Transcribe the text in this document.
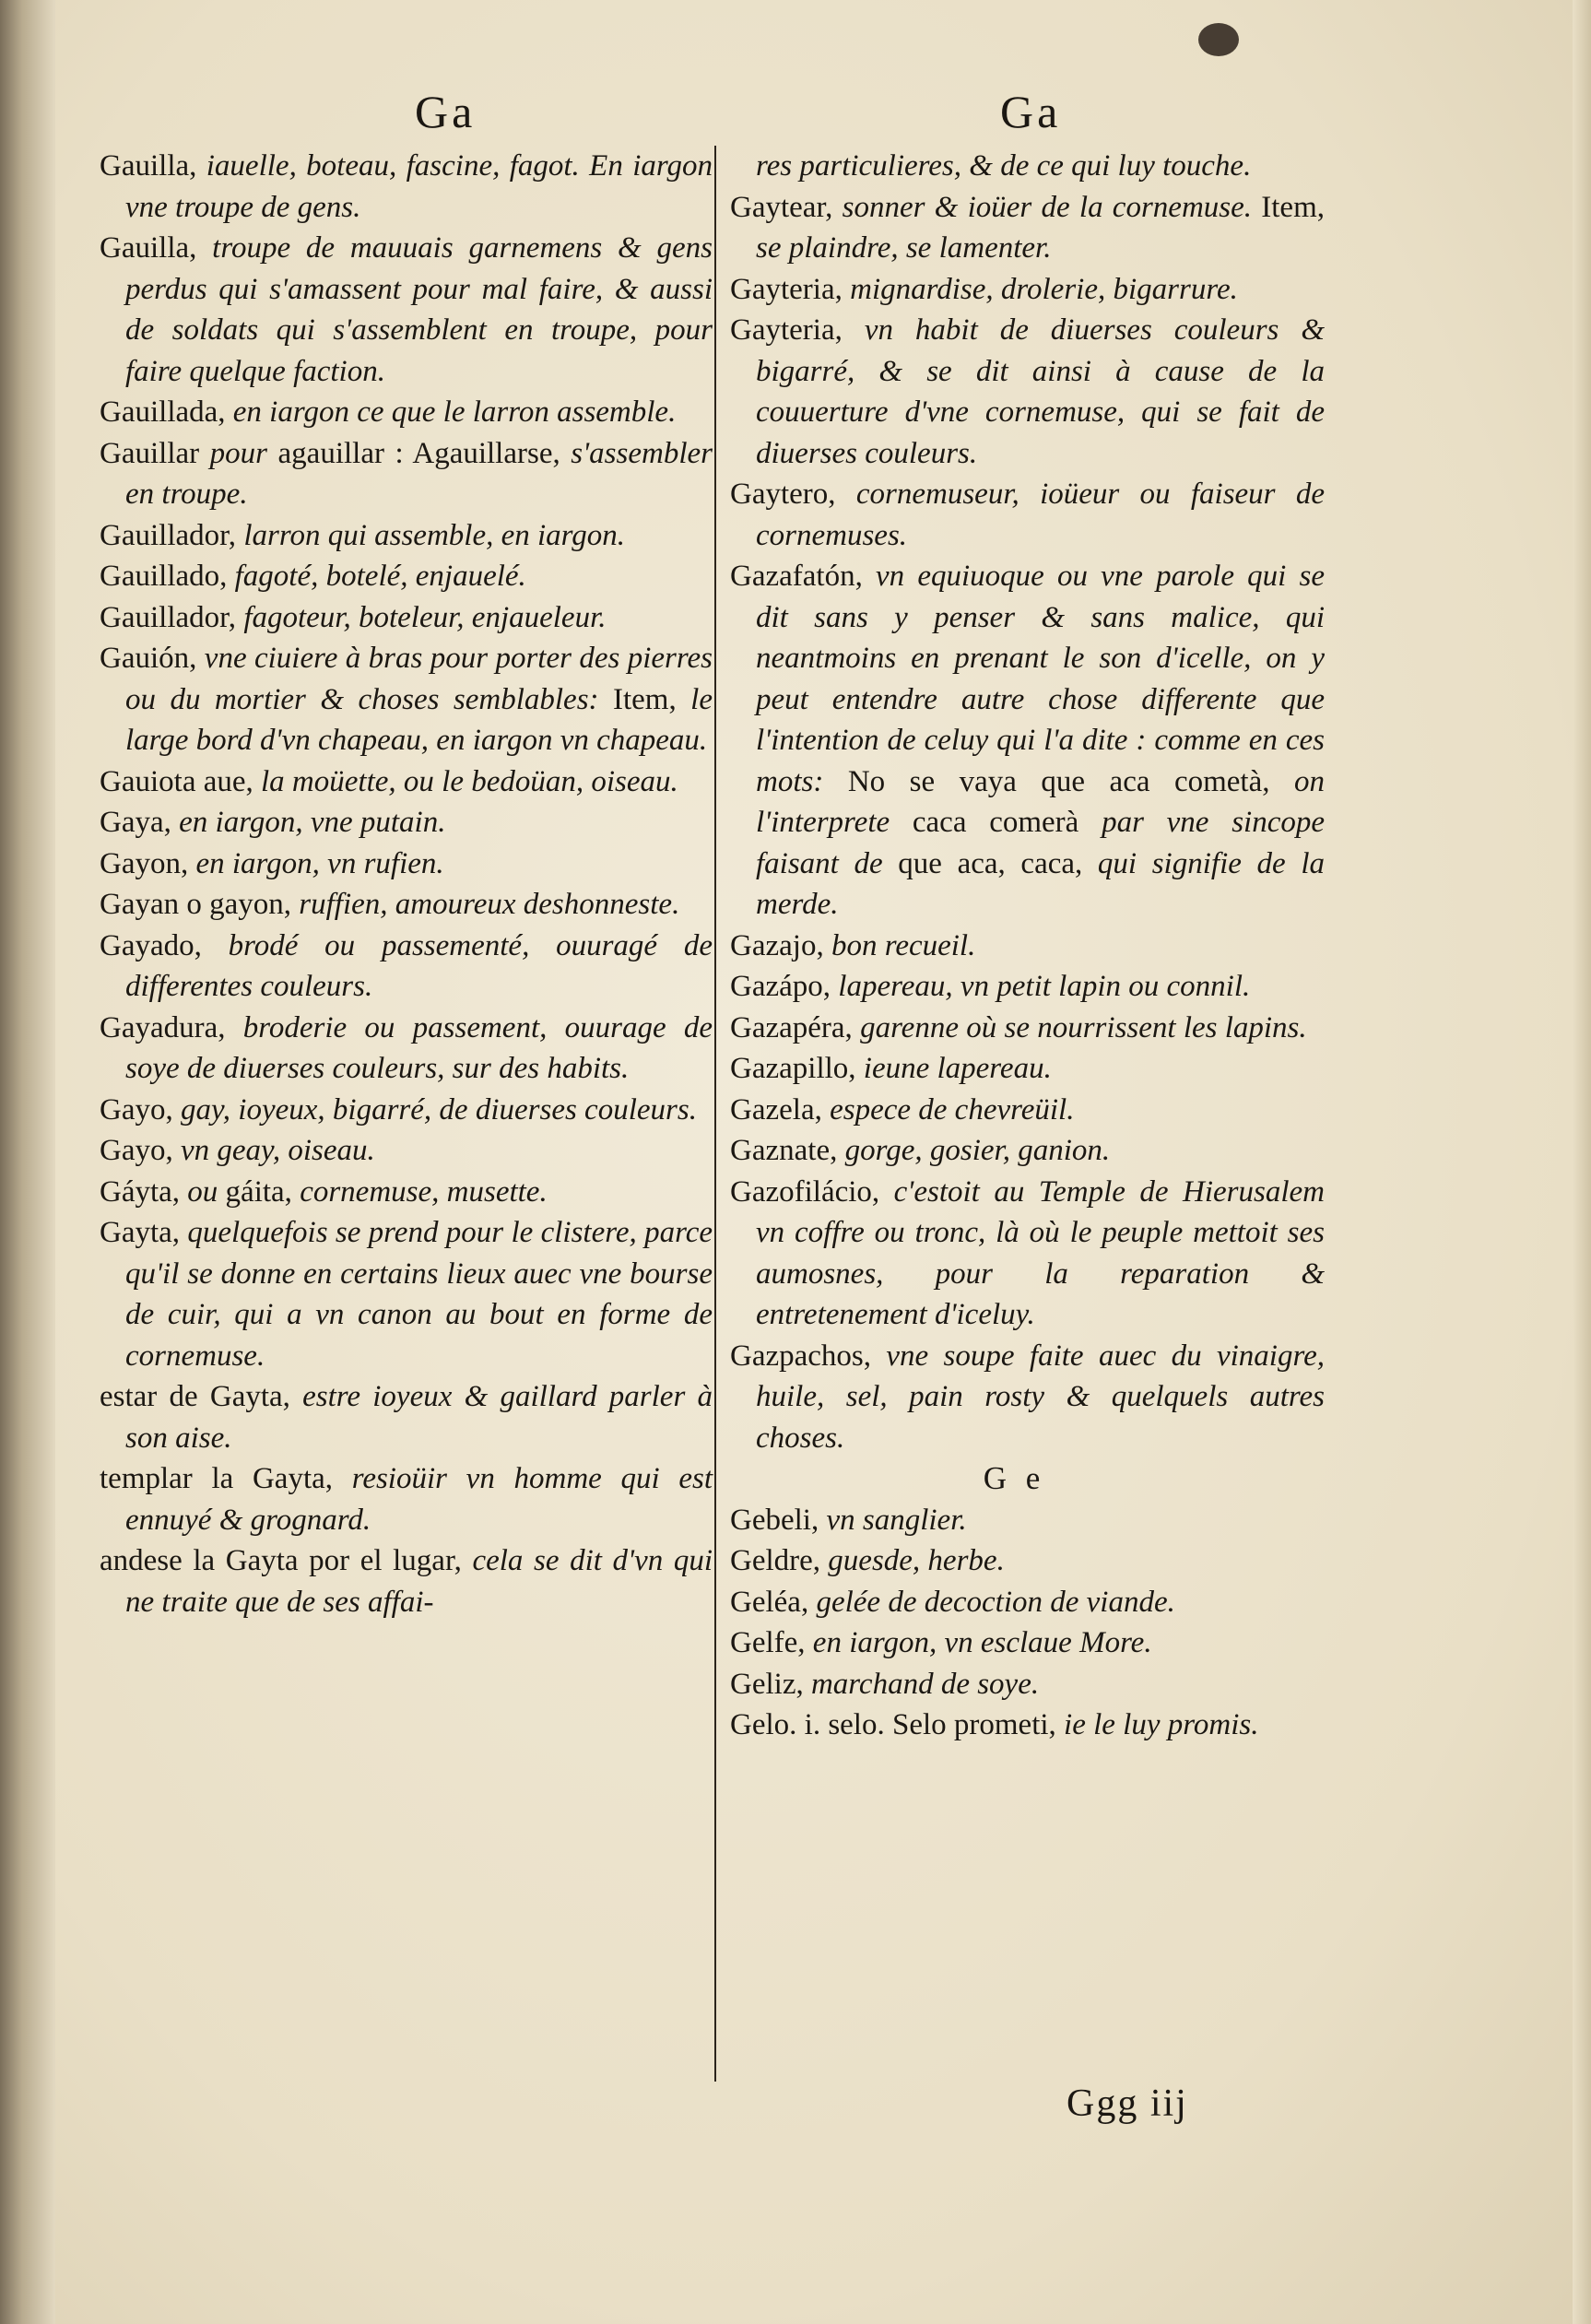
Ga	Ga
Gauilla, iauelle, boteau, fascine, fagot. En iargon vne troupe de gens.
Gauilla, troupe de mauuais garnemens & gens perdus qui s'amassent pour mal faire, & aussi de soldats qui s'assemblent en troupe, pour faire quelque faction.
Gauillada, en iargon ce que le larron assemble.
Gauillar pour agauillar : Agauillarse, s'assembler en troupe.
Gauillador, larron qui assemble, en iargon.
Gauillado, fagoté, botelé, enjauelé.
Gauillador, fagoteur, boteleur, enjaueleur.
Gauión, vne ciuiere à bras pour porter des pierres ou du mortier & choses semblables: Item, le large bord d'vn chapeau, en iargon vn chapeau.
Gauiota aue, la moüette, ou le bedoüan, oiseau.
Gaya, en iargon, vne putain.
Gayon, en iargon, vn rufien.
Gayan o gayon, ruffien, amoureux deshonneste.
Gayado, brodé ou passementé, ouuragé de differentes couleurs.
Gayadura, broderie ou passement, ouurage de soye de diuerses couleurs, sur des habits.
Gayo, gay, ioyeux, bigarré, de diuerses couleurs.
Gayo, vn geay, oiseau.
Gáyta, ou gáita, cornemuse, musette.
Gayta, quelquefois se prend pour le clistere, parce qu'il se donne en certains lieux auec vne bourse de cuir, qui a vn canon au bout en forme de cornemuse.
estar de Gayta, estre ioyeux & gaillard parler à son aise.
templar la Gayta, resioüir vn homme qui est ennuyé & grognard.
andese la Gayta por el lugar, cela se dit d'vn qui ne traite que de ses affai-
res particulieres, & de ce qui luy touche.
Gaytear, sonner & ioüer de la cornemuse. Item, se plaindre, se lamenter.
Gayteria, mignardise, drolerie, bigarrure.
Gayteria, vn habit de diuerses couleurs & bigarré, & se dit ainsi à cause de la couuerture d'vne cornemuse, qui se fait de diuerses couleurs.
Gaytero, cornemuseur, ioüeur ou faiseur de cornemuses.
Gazafatón, vn equiuoque ou vne parole qui se dit sans y penser & sans malice, qui neantmoins en prenant le son d'icelle, on y peut entendre autre chose differente que l'intention de celuy qui l'a dite : comme en ces mots: No se vaya que aca cometà, on l'interprete caca comerà par vne sincope faisant de que aca, caca, qui signifie de la merde.
Gazajo, bon recueil.
Gazápo, lapereau, vn petit lapin ou connil.
Gazapéra, garenne où se nourrissent les lapins.
Gazapillo, ieune lapereau.
Gazela, espece de chevreüil.
Gaznate, gorge, gosier, ganion.
Gazofilácio, c'estoit au Temple de Hierusalem vn coffre ou tronc, là où le peuple mettoit ses aumosnes, pour la reparation & entretenement d'iceluy.
Gazpachos, vne soupe faite auec du vinaigre, huile, sel, pain rosty & quelquels autres choses.
G e
Gebeli, vn sanglier.
Geldre, guesde, herbe.
Geléa, gelée de decoction de viande.
Gelfe, en iargon, vn esclaue More.
Geliz, marchand de soye.
Gelo. i. selo. Selo prometi, ie le luy promis.
Ggg iij
